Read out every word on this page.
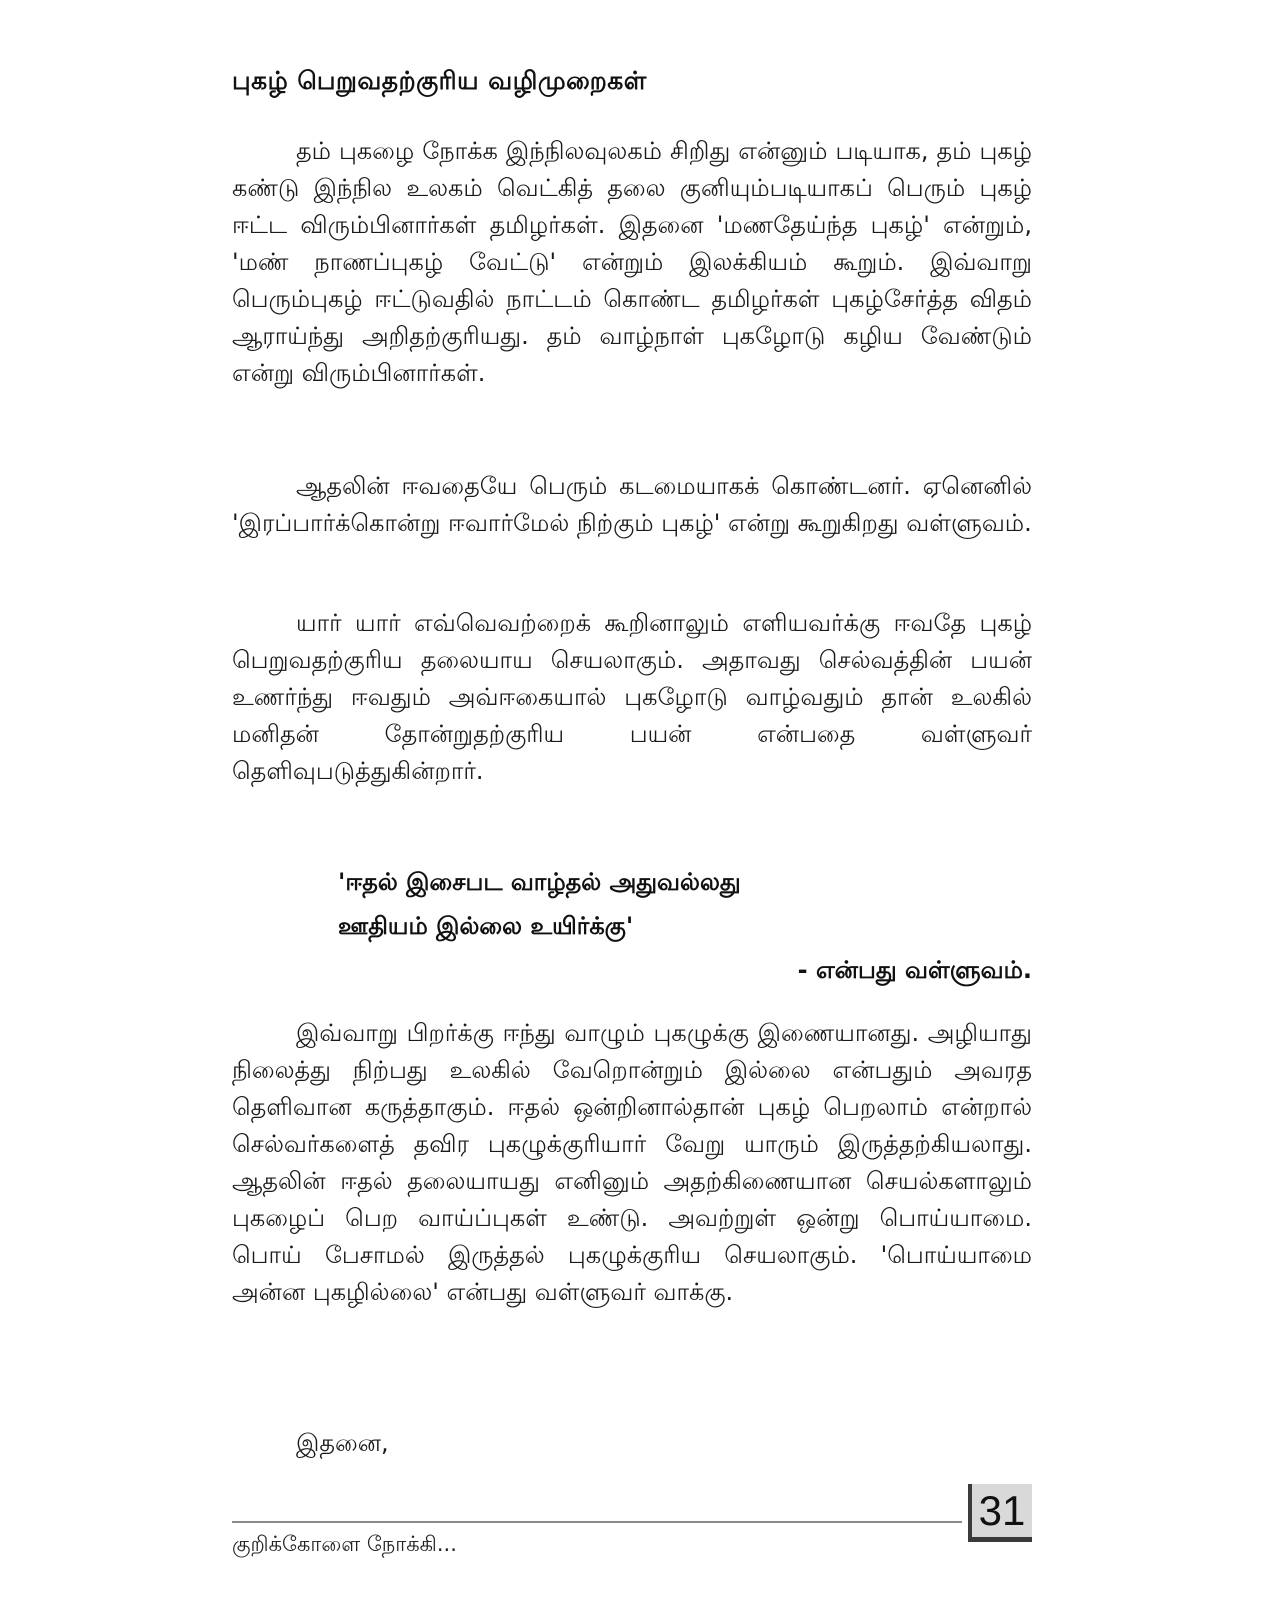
புகழ் பெறுவதற்குரிய வழிமுறைகள்

தம் புகழை நோக்க இந்நிலவுலகம் சிறிது என்னும் படியாக, தம் புகழ் கண்டு இந்நில உலகம் வெட்கித் தலை குனியும்படியாகப் பெரும் புகழ் ஈட்ட விரும்பினார்கள் தமிழர்கள். இதனை 'மணதேய்ந்த புகழ்' என்றும், 'மண் நாணப்புகழ் வேட்டு' என்றும் இலக்கியம் கூறும். இவ்வாறு பெரும்புகழ் ஈட்டுவதில் நாட்டம் கொண்ட தமிழர்கள் புகழ்சேர்த்த விதம் ஆராய்ந்து அறிதற்குரியது. தம் வாழ்நாள் புகழோடு கழிய வேண்டும் என்று விரும்பினார்கள்.

ஆதலின் ஈவதையே பெரும் கடமையாகக் கொண்டனர். ஏனெனில் 'இரப்பார்க்கொன்று ஈவார்மேல் நிற்கும் புகழ்' என்று கூறுகிறது வள்ளுவம்.

யார் யார் எவ்வெவற்றைக் கூறினாலும் எளியவர்க்கு ஈவதே புகழ் பெறுவதற்குரிய தலையாய செயலாகும். அதாவது செல்வத்தின் பயன் உணர்ந்து ஈவதும் அவ்ஈகையால் புகழோடு வாழ்வதும் தான் உலகில் மனிதன் தோன்றுதற்குரிய பயன் என்பதை வள்ளுவர் தெளிவுபடுத்துகின்றார்.

'ஈதல் இசைபட வாழ்தல் அதுவல்லது
ஊதியம் இல்லை உயிர்க்கு'
- என்பது வள்ளுவம்.

இவ்வாறு பிறர்க்கு ஈந்து வாழும் புகழுக்கு இணையானது. அழியாது நிலைத்து நிற்பது உலகில் வேறொன்றும் இல்லை என்பதும் அவரத தெளிவான கருத்தாகும். ஈதல் ஒன்றினால்தான் புகழ் பெறலாம் என்றால் செல்வர்களைத் தவிர புகழுக்குரியார் வேறு யாரும் இருத்தற்கியலாது. ஆதலின் ஈதல் தலையாயது எனினும் அதற்கிணையான செயல்களாலும் புகழைப் பெற வாய்ப்புகள் உண்டு. அவற்றுள் ஒன்று பொய்யாமை. பொய் பேசாமல் இருத்தல் புகழுக்குரிய செயலாகும். 'பொய்யாமை அன்ன புகழில்லை' என்பது வள்ளுவர் வாக்கு.

இதனை,

குறிக்கோளை நோக்கி...
31
